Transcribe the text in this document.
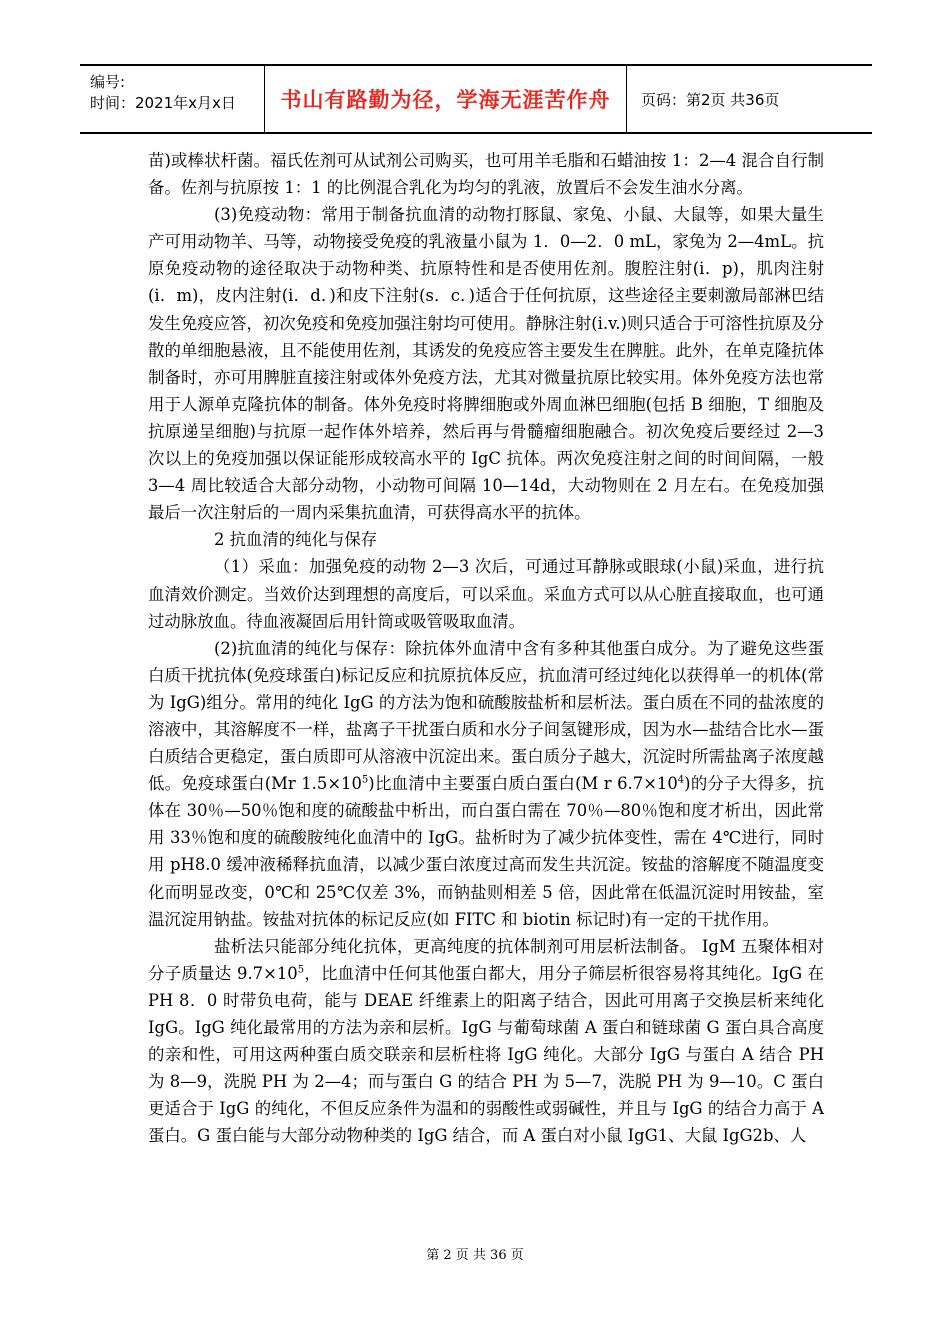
编号:
时间：2021年x月x日	书山有路勤为径，学海无涯苦作舟 页码：第2页 共36页

苗)或棒状杆菌。福氏佐剂可从试剂公司购买，也可用羊毛脂和石蜡油按 1：2—4 混合自行制备。佐剂与抗原按 1：1 的比例混合乳化为均匀的乳液，放置后不会发生油水分离。

(3)免疫动物：常用于制备抗血清的动物打豚鼠、家兔、小鼠、大鼠等，如果大量生产可用动物羊、马等，动物接受免疫的乳液量小鼠为 1．0—2．0 mL，家兔为 2—4mL。抗原免疫动物的途径取决于动物种类、抗原特性和是否使用佐剂。腹腔注射(i．p)，肌肉注射(i．m)，皮内注射(i．d．)和皮下注射(s．c．)适合于任何抗原，这些途径主要刺激局部淋巴结发生免疫应答，初次免疫和免疫加强注射均可使用。静脉注射(i.v.)则只适合于可溶性抗原及分散的单细胞悬液，且不能使用佐剂，其诱发的免疫应答主要发生在脾脏。此外，在单克隆抗体制备时，亦可用脾脏直接注射或体外免疫方法，尤其对微量抗原比较实用。体外免疫方法也常用于人源单克隆抗体的制备。体外免疫时将脾细胞或外周血淋巴细胞(包括 B 细胞，T 细胞及抗原递呈细胞)与抗原一起作体外培养，然后再与骨髓瘤细胞融合。初次免疫后要经过 2—3 次以上的免疫加强以保证能形成较高水平的 IgC 抗体。两次免疫注射之间的时间间隔，一般 3—4 周比较适合大部分动物，小动物可间隔 10—14d，大动物则在 2 月左右。在免疫加强最后一次注射后的一周内采集抗血清，可获得高水平的抗体。

2 抗血清的纯化与保存

（1）采血：加强免疫的动物 2—3 次后，可通过耳静脉或眼球(小鼠)采血，进行抗血清效价测定。当效价达到理想的高度后，可以采血。采血方式可以从心脏直接取血，也可通过动脉放血。待血液凝固后用针筒或吸管吸取血清。

(2)抗血清的纯化与保存：除抗体外血清中含有多种其他蛋白成分。为了避免这些蛋白质干扰抗体(免疫球蛋白)标记反应和抗原抗体反应，抗血清可经过纯化以获得单一的机体(常为 IgG)组分。常用的纯化 IgG 的方法为饱和硫酸胺盐析和层析法。蛋白质在不同的盐浓度的溶液中，其溶解度不一样，盐离子干扰蛋白质和水分子间氢键形成，因为水—盐结合比水—蛋白质结合更稳定，蛋白质即可从溶液中沉淀出来。蛋白质分子越大，沉淀时所需盐离子浓度越低。免疫球蛋白(Mr $1.5\times 10^5$)比血清中主要蛋白质白蛋白(M r $6.7\times 10^4$)的分子大得多，抗体在 30％—50％饱和度的硫酸盐中析出，而白蛋白需在 70％—80％饱和度才析出，因此常用 33％饱和度的硫酸胺纯化血清中的 IgG。盐析时为了减少抗体变性，需在 4℃进行，同时用 pH8.0 缓冲液稀释抗血清，以减少蛋白浓度过高而发生共沉淀。铵盐的溶解度不随温度变化而明显改变，0℃和 25℃仅差 3%，而钠盐则相差 5 倍，因此常在低温沉淀时用铵盐，室温沉淀用钠盐。铵盐对抗体的标记反应(如 FITC 和 biotin 标记时)有一定的干扰作用。

盐析法只能部分纯化抗体，更高纯度的抗体制剂可用层析法制备。 IgM 五聚体相对分子质量达 $9.7\times 10^5$，比血清中任何其他蛋白都大，用分子筛层析很容易将其纯化。IgG 在 PH 8．0 时带负电荷，能与 DEAE 纤维素上的阳离子结合，因此可用离子交换层析来纯化 IgG。IgG 纯化最常用的方法为亲和层析。IgG 与葡萄球菌 A 蛋白和链球菌 G 蛋白具合高度的亲和性，可用这两种蛋白质交联亲和层析柱将 IgG 纯化。大部分 IgG 与蛋白 A 结合 PH 为 8—9，洗脱 PH 为 2—4；而与蛋白 G 的结合 PH 为 5—7，洗脱 PH 为 9—10。C 蛋白更适合于 IgG 的纯化，不但反应条件为温和的弱酸性或弱碱性，并且与 IgG 的结合力高于 A 蛋白。G 蛋白能与大部分动物种类的 IgG 结合，而 A 蛋白对小鼠 IgG1、大鼠 IgG2b、人

第 2 页 共 36 页
